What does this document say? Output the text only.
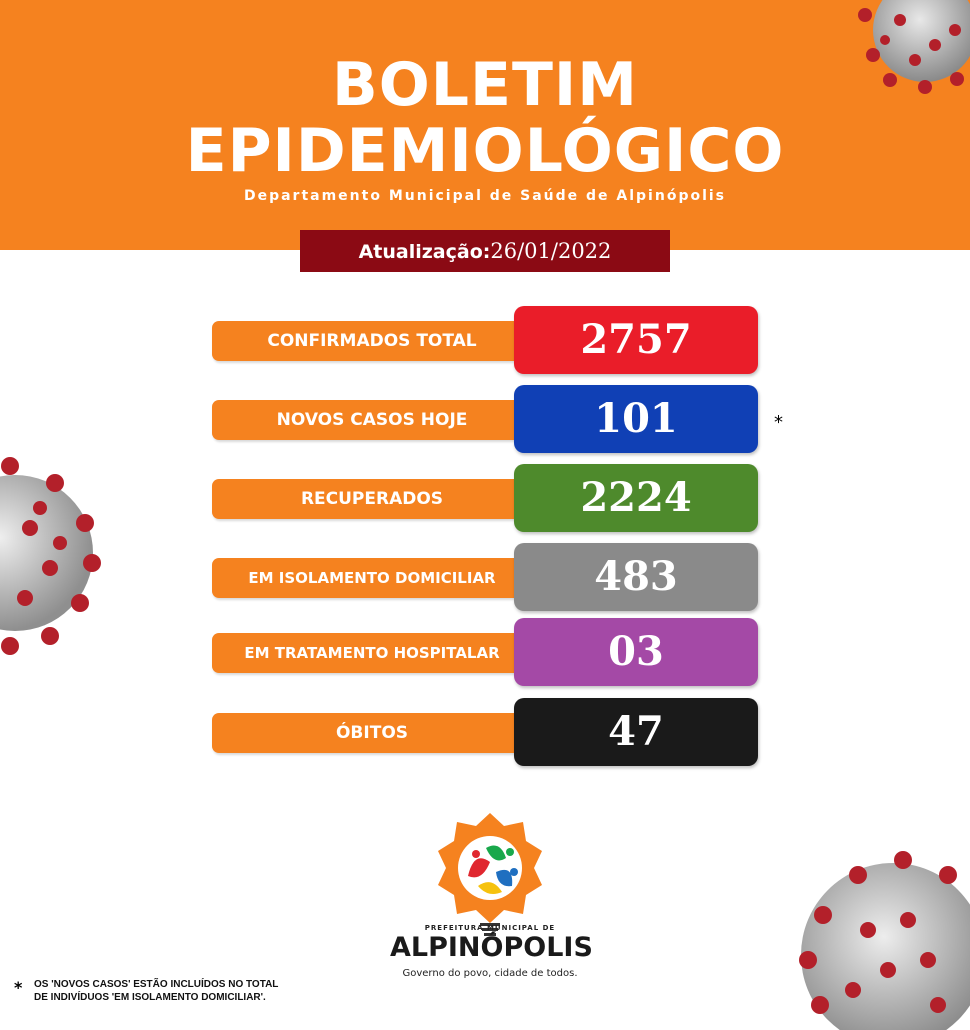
BOLETIM
EPIDEMIOLÓGICO
Departamento Municipal de Saúde de Alpinópolis
Atualização:26/01/2022
CONFIRMADOS TOTAL	2757
NOVOS CASOS HOJE	101
RECUPERADOS	2224
EM ISOLAMENTO DOMICILIAR	483
EM TRATAMENTO HOSPITALAR	03
ÓBITOS	47
*
PREFEITURA MUNICIPAL DE
ALPINÓPOLIS
Governo do povo, cidade de todos.
* OS 'NOVOS CASOS' ESTÃO INCLUÍDOS NO TOTAL
DE INDIVÍDUOS 'EM ISOLAMENTO DOMICILIAR'.
